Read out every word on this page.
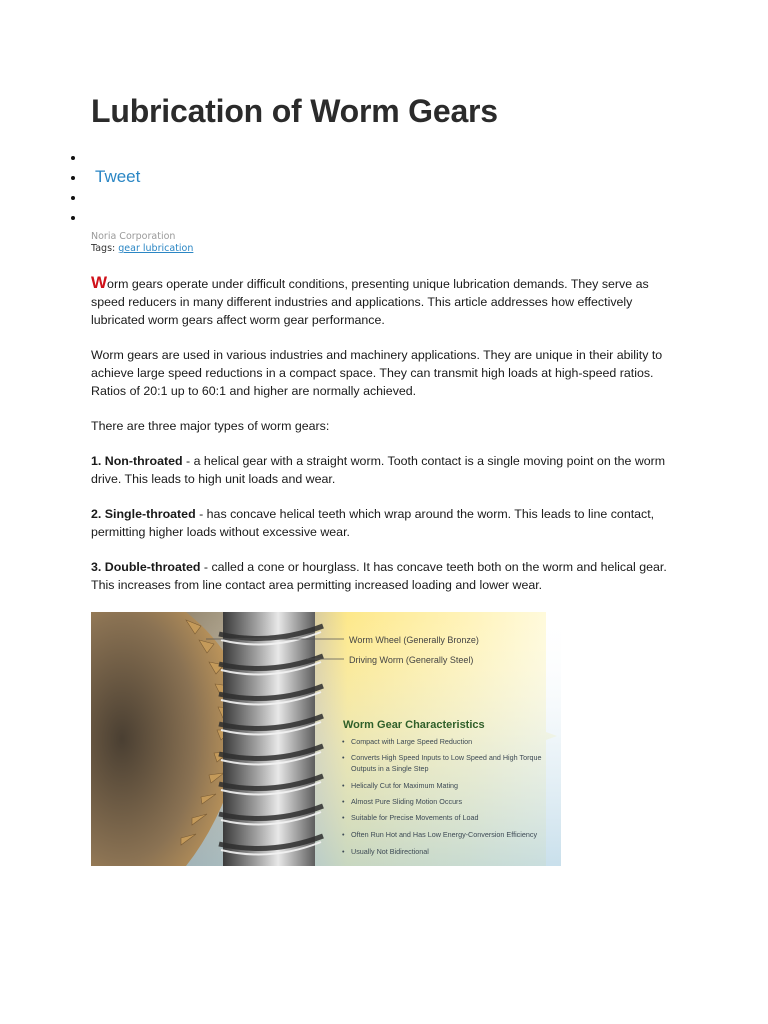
Lubrication of Worm Gears
Tweet
Noria Corporation
Tags: gear lubrication

Worm gears operate under difficult conditions, presenting unique lubrication demands. They serve as speed reducers in many different industries and applications. This article addresses how effectively lubricated worm gears affect worm gear performance.

Worm gears are used in various industries and machinery applications. They are unique in their ability to achieve large speed reductions in a compact space. They can transmit high loads at high-speed ratios. Ratios of 20:1 up to 60:1 and higher are normally achieved.

There are three major types of worm gears:

1. Non-throated - a helical gear with a straight worm. Tooth contact is a single moving point on the worm drive. This leads to high unit loads and wear.

2. Single-throated - has concave helical teeth which wrap around the worm. This leads to line contact, permitting higher loads without excessive wear.

3. Double-throated - called a cone or hourglass. It has concave teeth both on the worm and helical gear. This increases from line contact area permitting increased loading and lower wear.

Worm Wheel (Generally Bronze)
Driving Worm (Generally Steel)
Worm Gear Characteristics
• Compact with Large Speed Reduction
• Converts High Speed Inputs to Low Speed and High Torque
Outputs in a Single Step
• Helically Cut for Maximum Mating
• Almost Pure Sliding Motion Occurs
• Suitable for Precise Movements of Load
• Often Run Hot and Has Low Energy-Conversion Efficiency
• Usually Not Bidirectional
